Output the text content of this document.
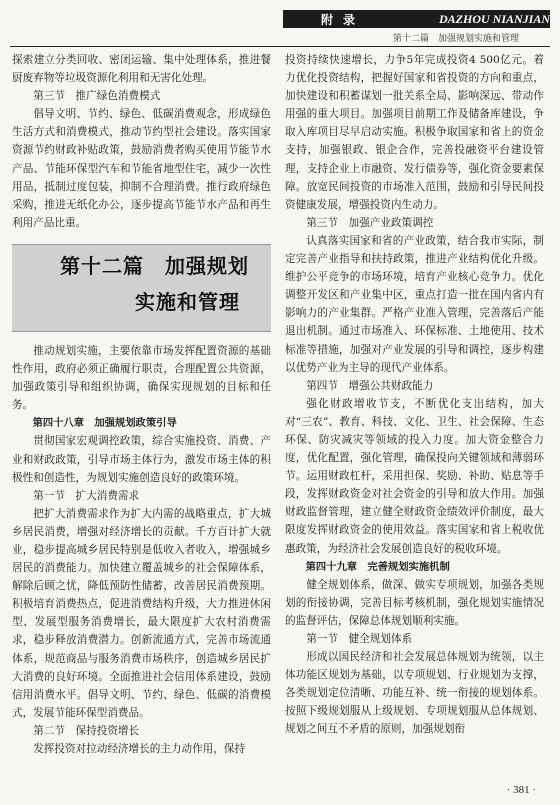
附录	DAZHOU NIANJIAN
第十二篇　加强规划实施和管理

探索建立分类回收、密闭运输、集中处理体系，推进餐厨废弃物等垃圾资源化利用和无害化处理。

第三节　推广绿色消费模式

倡导文明、节约、绿色、低碳消费观念，形成绿色生活方式和消费模式，推动节约型社会建设。落实国家资源节约财政补贴政策，鼓励消费者购买使用节能节水产品、节能环保型汽车和节能省地型住宅，减少一次性用品，抵制过度包装，抑制不合理消费。推行政府绿色采购，推进无纸化办公，逐步提高节能节水产品和再生利用产品比重。

第十二篇　加强规划
实施和管理

推动规划实施，主要依靠市场发挥配置资源的基础性作用，政府必须正确履行职责，合理配置公共资源，加强政策引导和组织协调，确保实现规划的目标和任务。

第四十八章　加强规划政策引导

贯彻国家宏观调控政策，综合实施投资、消费、产业和财政政策，引导市场主体行为，激发市场主体的积极性和创造性，为规划实施创造良好的政策环境。

第一节　扩大消费需求

把扩大消费需求作为扩大内需的战略重点，扩大城乡居民消费，增强对经济增长的贡献。千方百计扩大就业，稳步提高城乡居民特别是低收入者收入，增强城乡居民的消费能力。加快建立覆盖城乡的社会保障体系，解除后顾之忧，降低预防性储蓄，改善居民消费预期。积极培育消费热点，促进消费结构升级，大力推进休闲型、发展型服务消费增长，最大限度扩大农村消费需求，稳步释放消费潜力。创新流通方式，完善市场流通体系，规范商品与服务消费市场秩序，创造城乡居民扩大消费的良好环境。全面推进社会信用体系建设，鼓励信用消费水平。倡导文明、节约、绿色、低碳的消费模式，发展节能环保型消费品。

第二节　保持投资增长

发挥投资对拉动经济增长的主力动作用，保持

投资持续快速增长，力争5年完成投资4 500亿元。着力优化投资结构，把握好国家和省投资的方向和重点，加快建设和积蓄谋划一批关系全局、影响深远、带动作用强的重大项目。加强项目前期工作及储备库建设，争取入库项目尽早启动实施。积极争取国家和省上的资金支持，加强银政、银企合作，完善投融资平台建设管理，支持企业上市融资、发行债券等，强化资金要素保障。放宽民间投资的市场准入范围，鼓励和引导民间投资健康发展，增强投资内生动力。

第三节　加强产业政策调控

认真落实国家和省的产业政策，结合我市实际，制定完善产业指导和扶持政策，推进产业结构优化升级。维护公平竞争的市场环境，培育产业核心竞争力。优化调整开发区和产业集中区，重点打造一批在国内省内有影响力的产业集群。严格产业准入管理，完善落后产能退出机制。通过市场准入、环保标准、土地使用、技术标准等措施，加强对产业发展的引导和调控，逐步构建以优势产业为主导的现代产业体系。

第四节　增强公共财政能力

强化财政增收节支，不断优化支出结构，加大对“三农”、教育、科技、文化、卫生、社会保障、生态环保、防灾减灾等领域的投入力度。加大资金整合力度，优化配置，强化管理，确保投向关键领域和薄弱环节。运用财政杠杆，采用担保、奖励、补助、贴息等手段，发挥财政资金对社会资金的引导和放大作用。加强财政监督管理，建立健全财政资金绩效评价制度，最大限度发挥财政资金的使用效益。落实国家和省上税收优惠政策，为经济社会发展创造良好的税收环境。

第四十九章　完善规划实施机制

健全规划体系，做深、做实专项规划，加强各类规划的衔接协调，完善目标考核机制，强化规划实施情况的监督评估，保障总体规划顺利实施。

第一节　健全规划体系

形成以国民经济和社会发展总体规划为统领，以主体功能区规划为基础，以专项规划、行业规划为支撑，各类规划定位清晰、功能互补、统一衔接的规划体系。按照下级规划服从上级规划、专项规划服从总体规划、规划之间互不矛盾的原则，加强规划衔

· 381 ·
